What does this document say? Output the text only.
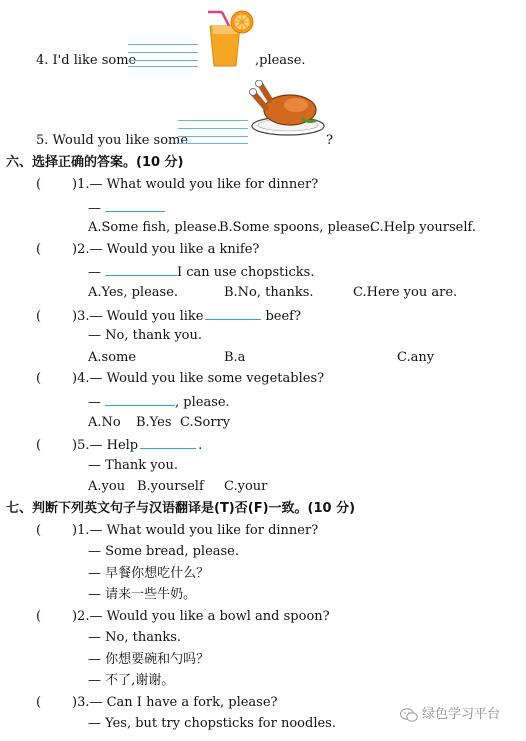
4. I'd like some	,please.
5. Would you like some	?
六、选择正确的答案。(10 分)
( )1.— What would you like for dinner?
—
A.Some fish, please.
B.Some spoons, please.
C.Help yourself.
( )2.— Would you like a knife?
—	I can use chopsticks.
A.Yes, please.	B.No, thanks.	C.Here you are.
( )3.— Would you like	beef?
— No, thank you.
A.some	B.a	C.any
( )4.— Would you like some vegetables?
—	, please.
A.No B.Yes C.Sorry
( )5.— Help	.
— Thank you.
A.you B.yourself C.your
七、判断下列英文句子与汉语翻译是(T)否(F)一致。(10 分)
( )1.— What would you like for dinner?
— Some bread, please.
— 早餐你想吃什么？
— 请来一些牛奶。
( )2.— Would you like a bowl and spoon?
— No, thanks.
— 你想要碗和勺吗？
— 不了,谢谢。
( )3.— Can I have a fork, please?
— Yes, but try chopsticks for noodles.
绿色学习平台
